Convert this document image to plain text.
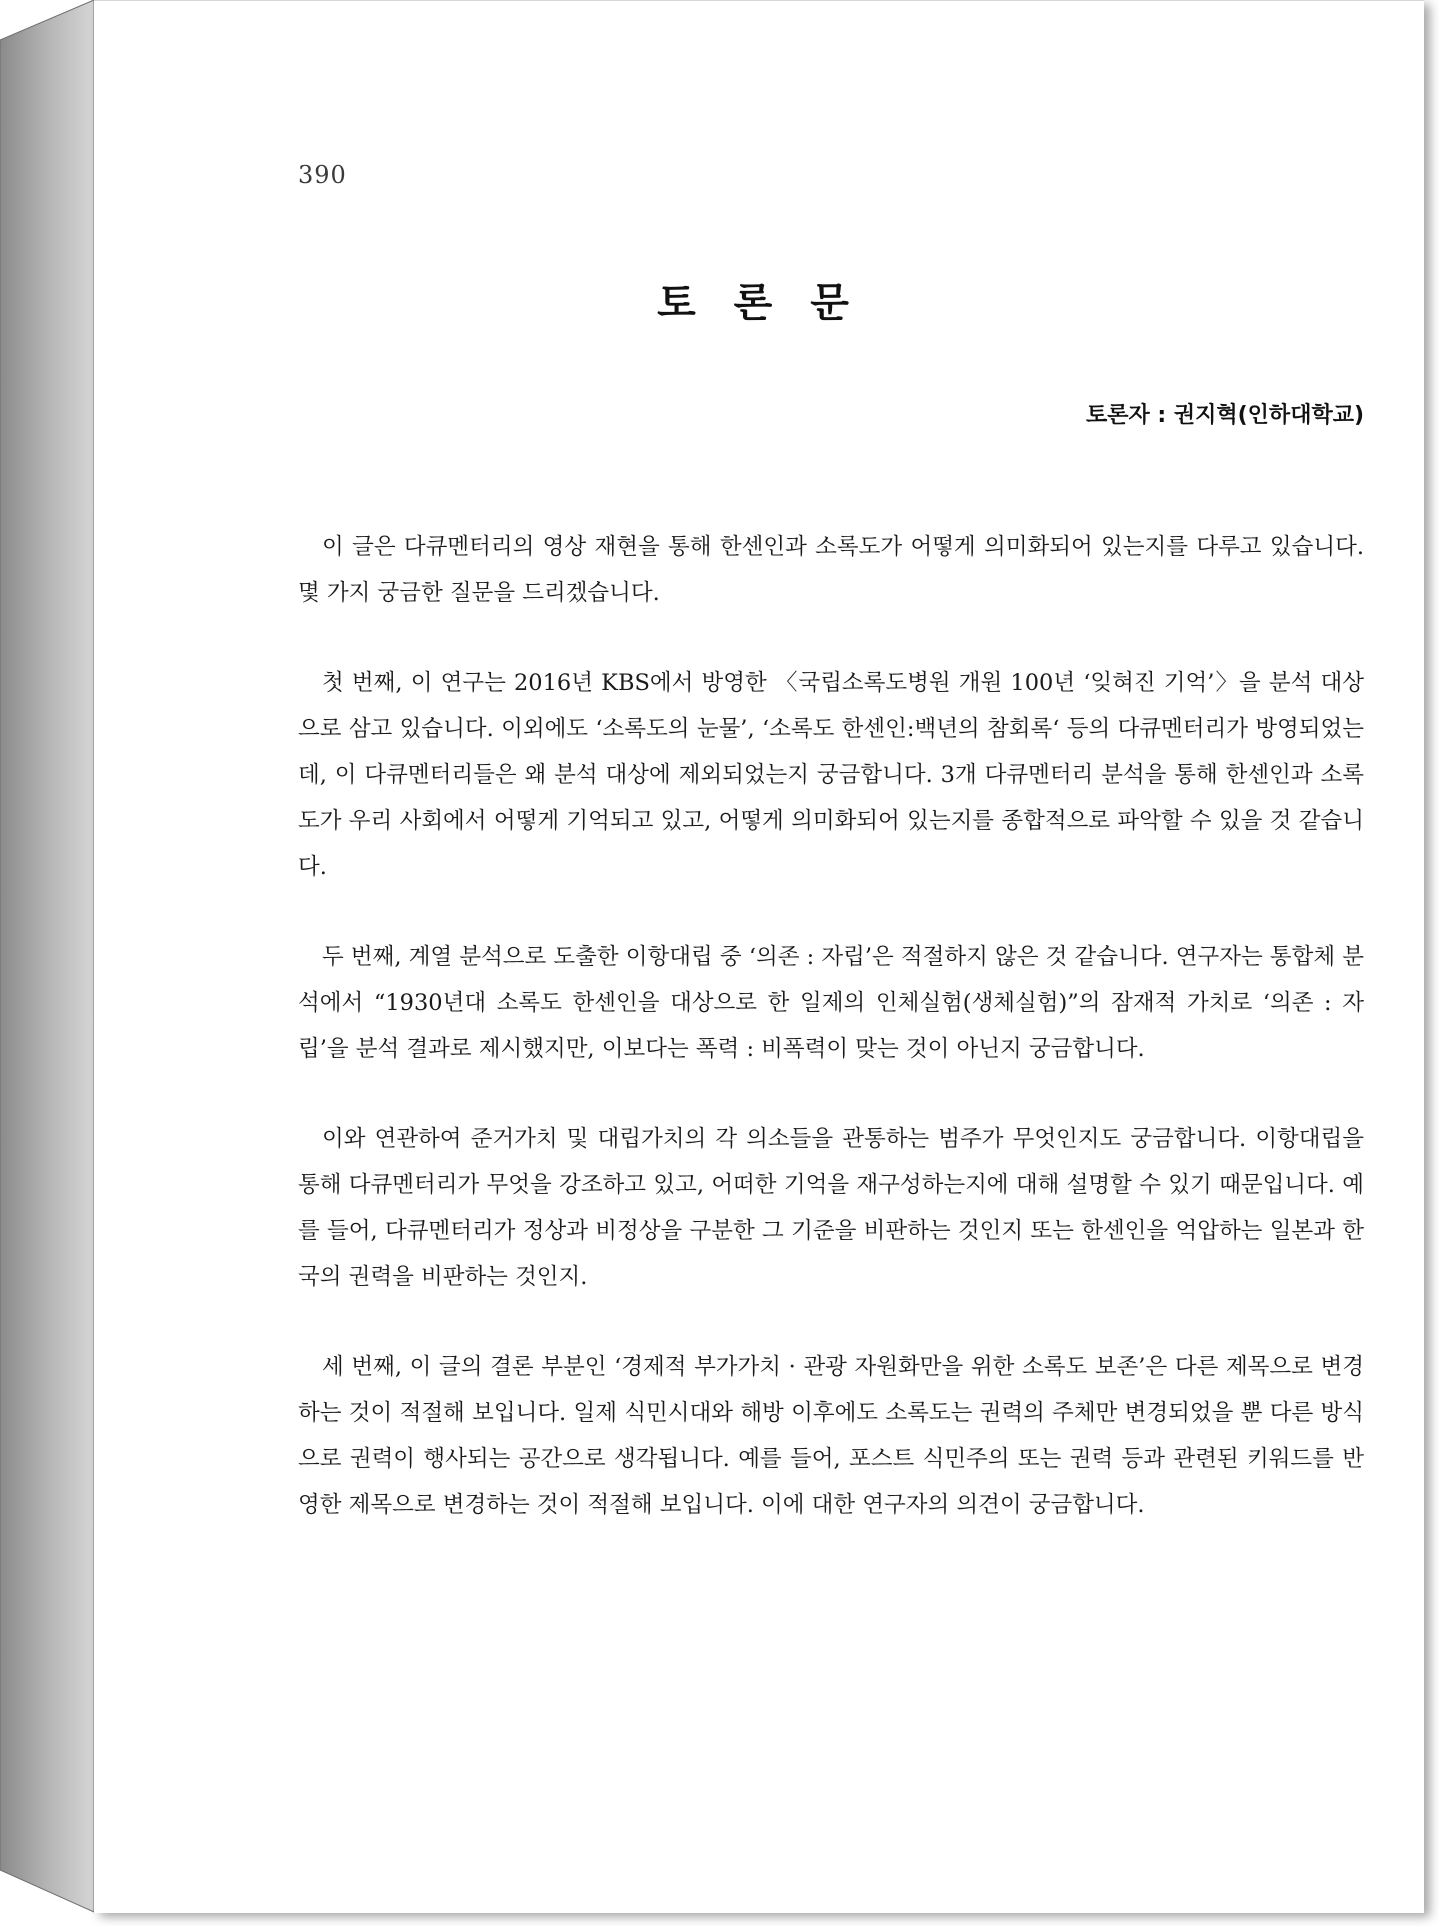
390
토 론 문
토론자 : 권지혁(인하대학교)

이 글은 다큐멘터리의 영상 재현을 통해 한센인과 소록도가 어떻게 의미화되어 있는지를 다루고 있습니다. 몇 가지 궁금한 질문을 드리겠습니다.

첫 번째, 이 연구는 2016년 KBS에서 방영한 〈국립소록도병원 개원 100년 ‘잊혀진 기억’〉을 분석 대상으로 삼고 있습니다. 이외에도 ‘소록도의 눈물’, ‘소록도 한센인:백년의 참회록‘ 등의 다큐멘터리가 방영되었는데, 이 다큐멘터리들은 왜 분석 대상에 제외되었는지 궁금합니다. 3개 다큐멘터리 분석을 통해 한센인과 소록도가 우리 사회에서 어떻게 기억되고 있고, 어떻게 의미화되어 있는지를 종합적으로 파악할 수 있을 것 같습니다.

두 번째, 계열 분석으로 도출한 이항대립 중 ‘의존 : 자립’은 적절하지 않은 것 같습니다. 연구자는 통합체 분석에서 “1930년대 소록도 한센인을 대상으로 한 일제의 인체실험(생체실험)”의 잠재적 가치로 ‘의존 : 자립’을 분석 결과로 제시했지만, 이보다는 폭력 : 비폭력이 맞는 것이 아닌지 궁금합니다.

이와 연관하여 준거가치 및 대립가치의 각 의소들을 관통하는 범주가 무엇인지도 궁금합니다. 이항대립을 통해 다큐멘터리가 무엇을 강조하고 있고, 어떠한 기억을 재구성하는지에 대해 설명할 수 있기 때문입니다. 예를 들어, 다큐멘터리가 정상과 비정상을 구분한 그 기준을 비판하는 것인지 또는 한센인을 억압하는 일본과 한국의 권력을 비판하는 것인지.

세 번째, 이 글의 결론 부분인 ‘경제적 부가가치 · 관광 자원화만을 위한 소록도 보존’은 다른 제목으로 변경하는 것이 적절해 보입니다. 일제 식민시대와 해방 이후에도 소록도는 권력의 주체만 변경되었을 뿐 다른 방식으로 권력이 행사되는 공간으로 생각됩니다. 예를 들어, 포스트 식민주의 또는 권력 등과 관련된 키워드를 반영한 제목으로 변경하는 것이 적절해 보입니다. 이에 대한 연구자의 의견이 궁금합니다.
